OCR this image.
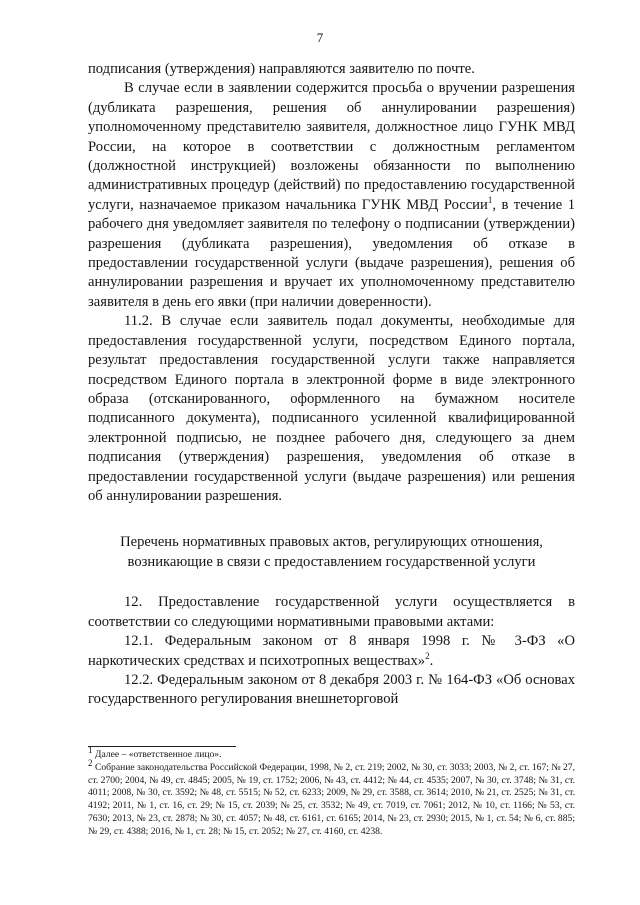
7

подписания (утверждения) направляются заявителю по почте.

В случае если в заявлении содержится просьба о вручении разрешения (дубликата разрешения, решения об аннулировании разрешения) уполномоченному представителю заявителя, должностное лицо ГУНК МВД России, на которое в соответствии с должностным регламентом (должностной инструкцией) возложены обязанности по выполнению административных процедур (действий) по предоставлению государственной услуги, назначаемое приказом начальника ГУНК МВД России$^1$, в течение 1 рабочего дня уведомляет заявителя по телефону о подписании (утверждении) разрешения (дубликата разрешения), уведомления об отказе в предоставлении государственной услуги (выдаче разрешения), решения об аннулировании разрешения и вручает их уполномоченному представителю заявителя в день его явки (при наличии доверенности).

11.2. В случае если заявитель подал документы, необходимые для предоставления государственной услуги, посредством Единого портала, результат предоставления государственной услуги также направляется посредством Единого портала в электронной форме в виде электронного образа (отсканированного, оформленного на бумажном носителе подписанного документа), подписанного усиленной квалифицированной электронной подписью, не позднее рабочего дня, следующего за днем подписания (утверждения) разрешения, уведомления об отказе в предоставлении государственной услуги (выдаче разрешения) или решения об аннулировании разрешения.

Перечень нормативных правовых актов, регулирующих отношения,
возникающие в связи с предоставлением государственной услуги

12. Предоставление государственной услуги осуществляется в соответствии со следующими нормативными правовыми актами:

12.1. Федеральным законом от 8 января 1998 г. № 3-ФЗ «О наркотических средствах и психотропных веществах»$^2$.

12.2. Федеральным законом от 8 декабря 2003 г. № 164-ФЗ «Об основах государственного регулирования внешнеторговой

$^1$ Далее – «ответственное лицо».

$^2$ Собрание законодательства Российской Федерации, 1998, № 2, ст. 219; 2002, № 30, ст. 3033; 2003, № 2, ст. 167; № 27, ст. 2700; 2004, № 49, ст. 4845; 2005, № 19, ст. 1752; 2006, № 43, ст. 4412; № 44, ст. 4535; 2007, № 30, ст. 3748; № 31, ст. 4011; 2008, № 30, ст. 3592; № 48, ст. 5515; № 52, ст. 6233; 2009, № 29, ст. 3588, ст. 3614; 2010, № 21, ст. 2525; № 31, ст. 4192; 2011, № 1, ст. 16, ст. 29; № 15, ст. 2039; № 25, ст. 3532; № 49, ст. 7019, ст. 7061; 2012, № 10, ст. 1166; № 53, ст. 7630; 2013, № 23, ст. 2878; № 30, ст. 4057; № 48, ст. 6161, ст. 6165; 2014, № 23, ст. 2930; 2015, № 1, ст. 54; № 6, ст. 885; № 29, ст. 4388; 2016, № 1, ст. 28; № 15, ст. 2052; № 27, ст. 4160, ст. 4238.
